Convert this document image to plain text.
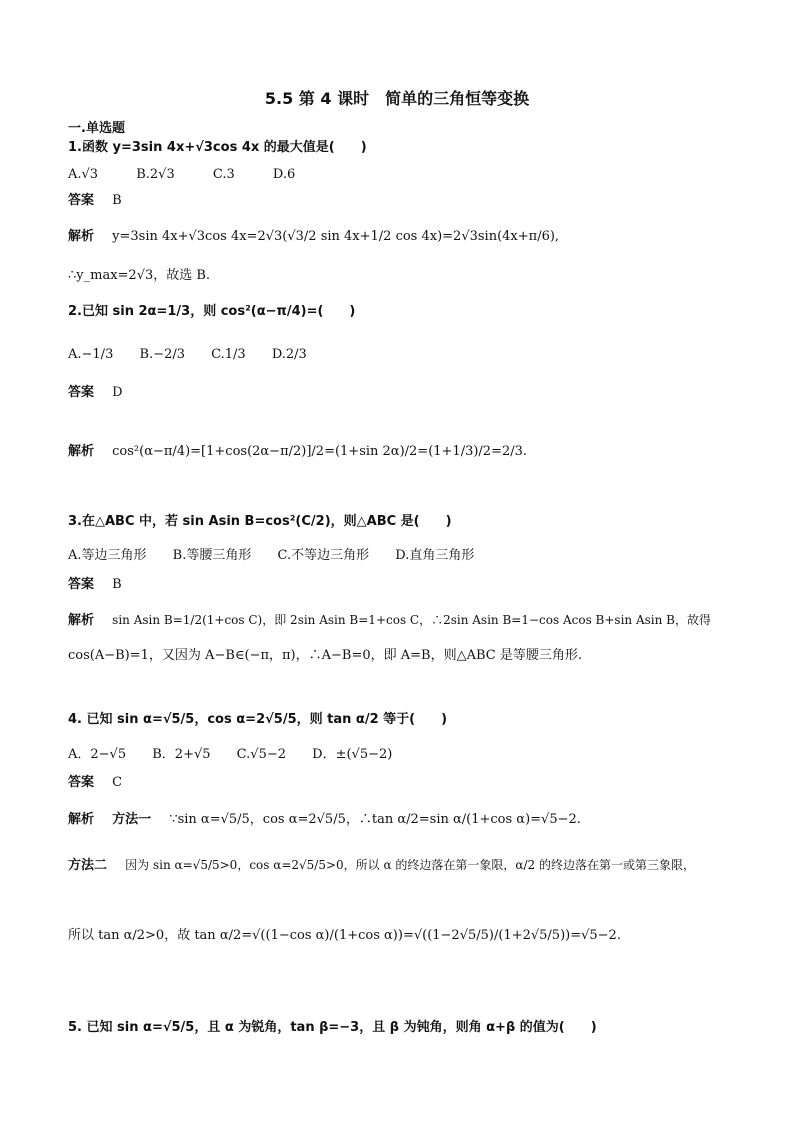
5.5 第 4 课时　简单的三角恒等变换
一.单选题
1.函数 y=3sin 4x+√3cos 4x 的最大值是(　　)
A.√3	B.2√3	C.3	D.6
答案 B
解析 y=3sin 4x+√3cos 4x=2√3(√3/2 sin 4x+1/2 cos 4x)=2√3sin(4x+π/6),
∴y_max=2√3，故选 B.
2.已知 sin 2α=1/3，则 cos²(α−π/4)=(　　)
A.−1/3 B.−2/3 C.1/3 D.2/3
答案 D
解析 cos²(α−π/4)=[1+cos(2α−π/2)]/2=(1+sin 2α)/2=(1+1/3)/2=2/3.
3.在△ABC 中，若 sin Asin B=cos²(C/2)，则△ABC 是(　　)
A.等边三角形 B.等腰三角形 C.不等边三角形 D.直角三角形
答案 B
解析 sin Asin B=1/2(1+cos C)，即 2sin Asin B=1+cos C，∴2sin Asin B=1−cos Acos B+sin Asin B，故得
cos(A−B)=1，又因为 A−B∈(−π，π)，∴A−B=0，即 A=B，则△ABC 是等腰三角形.
4. 已知 sin α=√5/5，cos α=2√5/5，则 tan α/2 等于(　　)
A．2−√5 B．2+√5 C.√5−2 D．±(√5−2)
答案 C
解析 方法一 ∵sin α=√5/5，cos α=2√5/5，∴tan α/2=sin α/(1+cos α)=√5−2.
方法二 因为 sin α=√5/5>0，cos α=2√5/5>0，所以 α 的终边落在第一象限，α/2 的终边落在第一或第三象限，
所以 tan α/2>0，故 tan α/2=√((1−cos α)/(1+cos α))=√((1−2√5/5)/(1+2√5/5))=√5−2.
5. 已知 sin α=√5/5，且 α 为锐角，tan β=−3，且 β 为钝角，则角 α+β 的值为(　　)
